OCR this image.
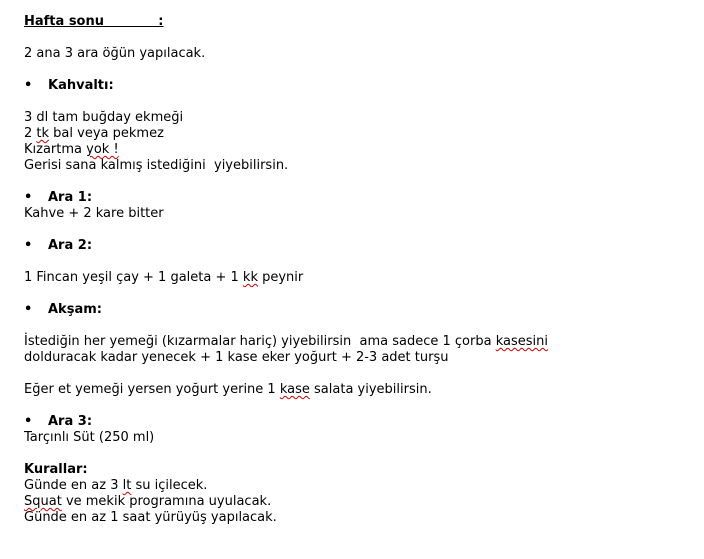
Hafta sonu            :
2 ana 3 ara öğün yapılacak.
• Kahvaltı:
3 dl tam buğday ekmeği
2 tk bal veya pekmez
Kızartma yok !
Gerisi sana kalmış istediğini  yiyebilirsin.
• Ara 1:
Kahve + 2 kare bitter
• Ara 2:
1 Fincan yeşil çay + 1 galeta + 1 kk peynir
• Akşam:
İstediğin her yemeği (kızarmalar hariç) yiyebilirsin  ama sadece 1 çorba kasesini
dolduracak kadar yenecek + 1 kase eker yoğurt + 2-3 adet turşu
Eğer et yemeği yersen yoğurt yerine 1 kase salata yiyebilirsin.
• Ara 3:
Tarçınlı Süt (250 ml)
Kurallar:
Günde en az 3 lt su içilecek.
Squat ve mekik programına uyulacak.
Günde en az 1 saat yürüyüş yapılacak.
